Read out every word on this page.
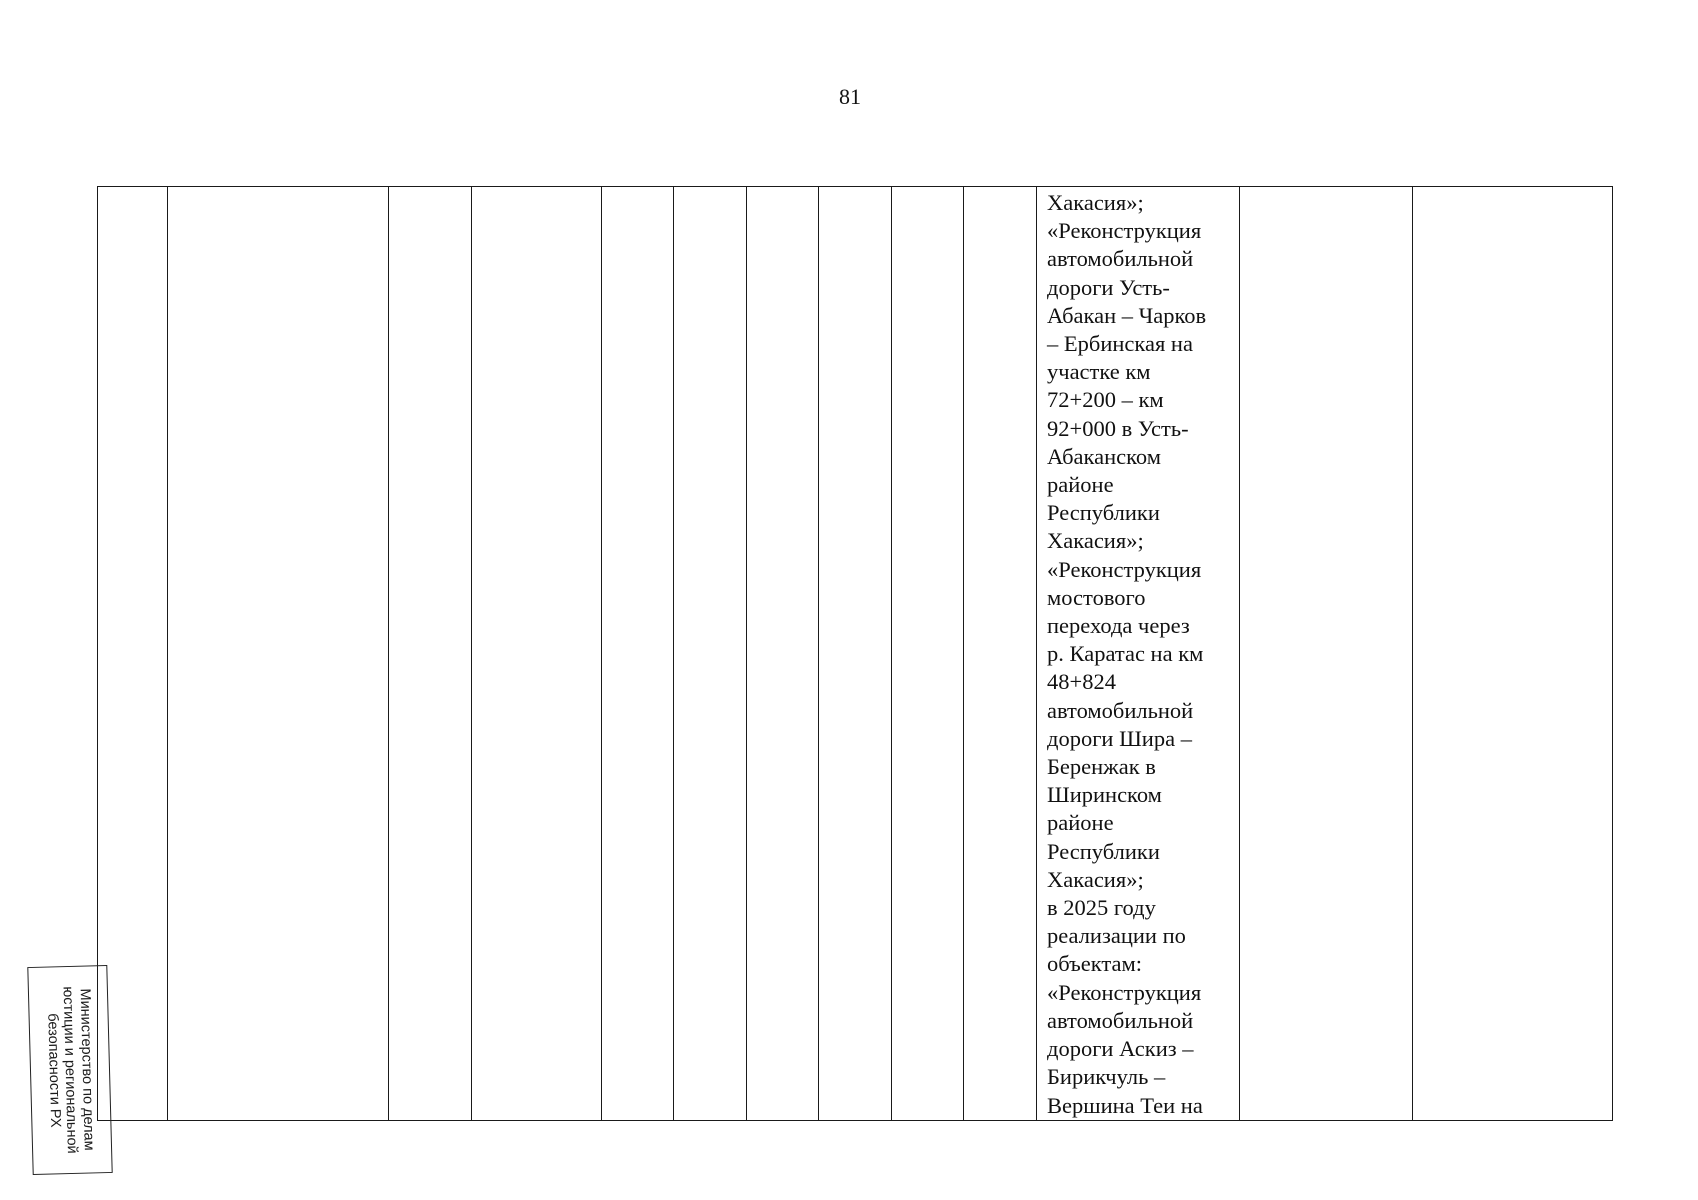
81

Хакасия»;
«Реконструкция
автомобильной
дороги Усть-
Абакан – Чарков
– Ербинская на
участке км
72+200 – км
92+000 в Усть-
Абаканском
районе
Республики
Хакасия»;
«Реконструкция
мостового
перехода через
р. Каратас на км
48+824
автомобильной
дороги Шира –
Беренжак в
Ширинском
районе
Республики
Хакасия»;
в 2025 году
реализации по
объектам:
«Реконструкция
автомобильной
дороги Аскиз –
Бирикчуль –
Вершина Теи на

Министерство по делам
юстиции и региональной
безопасности РХ
